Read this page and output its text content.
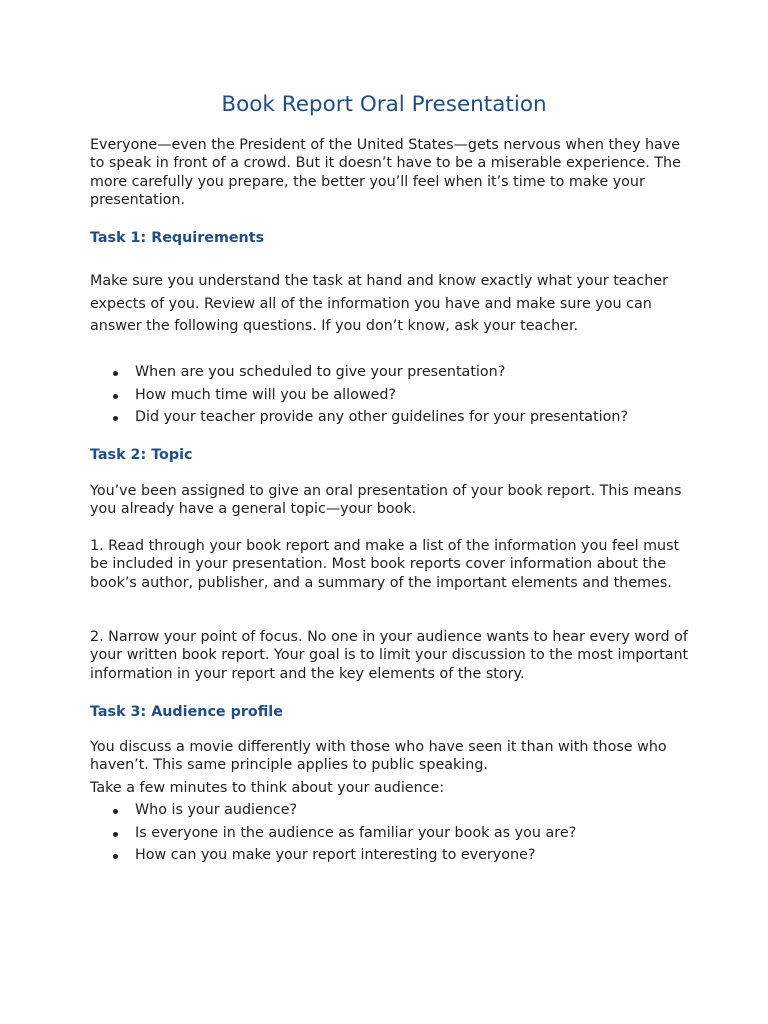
Book Report Oral Presentation
Everyone—even the President of the United States—gets nervous when they have to speak in front of a crowd. But it doesn’t have to be a miserable experience. The more carefully you prepare, the better you’ll feel when it’s time to make your presentation.
Task 1: Requirements
Make sure you understand the task at hand and know exactly what your teacher expects of you. Review all of the information you have and make sure you can answer the following questions. If you don’t know, ask your teacher.
When are you scheduled to give your presentation?
How much time will you be allowed?
Did your teacher provide any other guidelines for your presentation?
Task 2: Topic
You’ve been assigned to give an oral presentation of your book report. This means you already have a general topic—your book.
1. Read through your book report and make a list of the information you feel must be included in your presentation. Most book reports cover information about the book’s author, publisher, and a summary of the important elements and themes.
2. Narrow your point of focus. No one in your audience wants to hear every word of your written book report. Your goal is to limit your discussion to the most important information in your report and the key elements of the story.
Task 3: Audience profile
You discuss a movie differently with those who have seen it than with those who haven’t. This same principle applies to public speaking.
Take a few minutes to think about your audience:
Who is your audience?
Is everyone in the audience as familiar your book as you are?
How can you make your report interesting to everyone?
